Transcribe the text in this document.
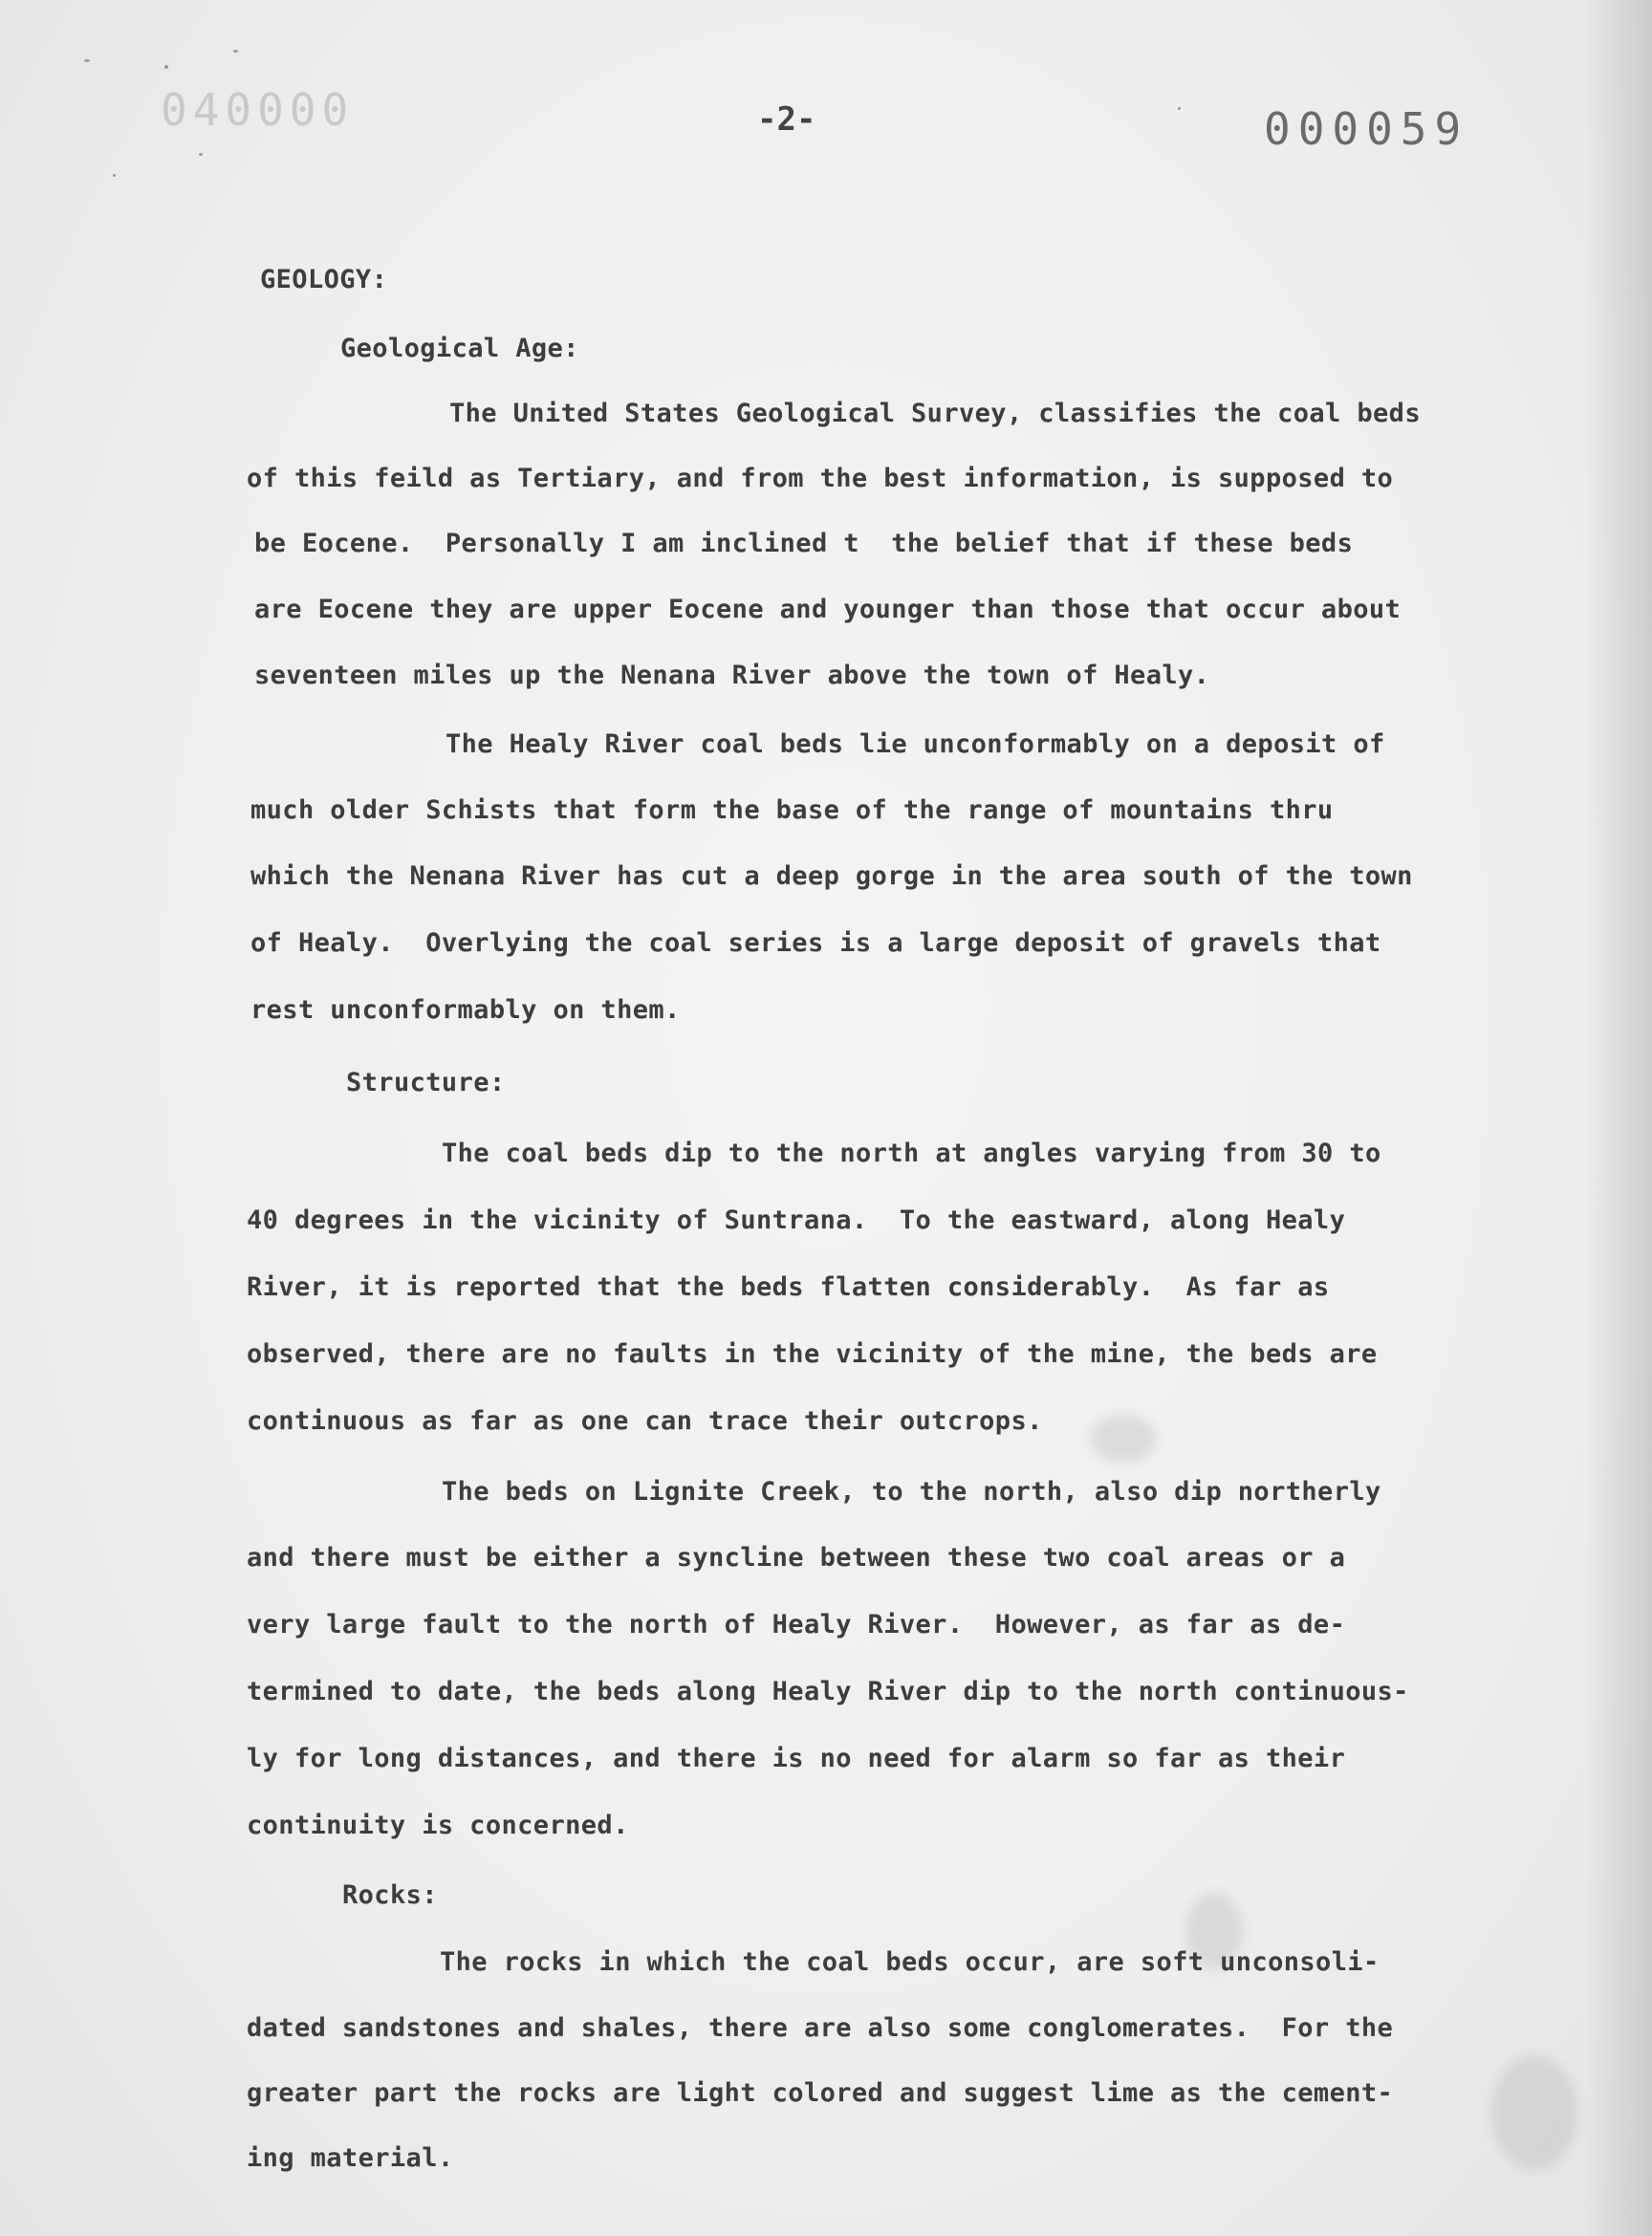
040000	-2-	000059
GEOLOGY:
Geological Age:
The United States Geological Survey, classifies the coal beds
of this feild as Tertiary, and from the best information, is supposed to
be Eocene.  Personally I am inclined t  the belief that if these beds
are Eocene they are upper Eocene and younger than those that occur about
seventeen miles up the Nenana River above the town of Healy.
The Healy River coal beds lie unconformably on a deposit of
much older Schists that form the base of the range of mountains thru
which the Nenana River has cut a deep gorge in the area south of the town
of Healy.  Overlying the coal series is a large deposit of gravels that
rest unconformably on them.
Structure:
The coal beds dip to the north at angles varying from 30 to
40 degrees in the vicinity of Suntrana.  To the eastward, along Healy
River, it is reported that the beds flatten considerably.  As far as
observed, there are no faults in the vicinity of the mine, the beds are
continuous as far as one can trace their outcrops.
The beds on Lignite Creek, to the north, also dip northerly
and there must be either a syncline between these two coal areas or a
very large fault to the north of Healy River.  However, as far as de-
termined to date, the beds along Healy River dip to the north continuous-
ly for long distances, and there is no need for alarm so far as their
continuity is concerned.
Rocks:
The rocks in which the coal beds occur, are soft unconsoli-
dated sandstones and shales, there are also some conglomerates.  For the
greater part the rocks are light colored and suggest lime as the cement-
ing material.
